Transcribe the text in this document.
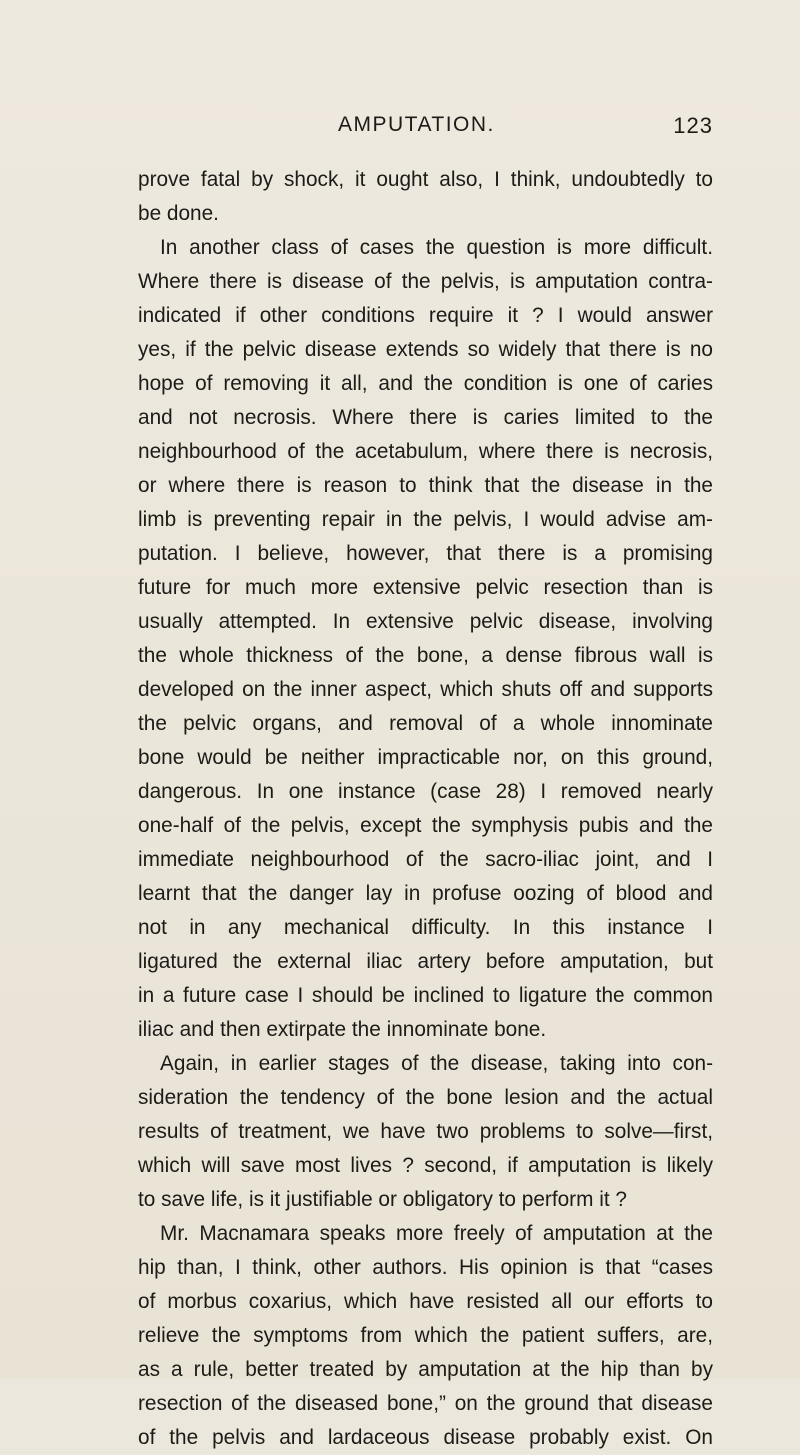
AMPUTATION.	123
prove fatal by shock, it ought also, I think, undoubtedly to
be done.
In another class of cases the question is more difficult.
Where there is disease of the pelvis, is amputation contra-
indicated if other conditions require it ? I would answer
yes, if the pelvic disease extends so widely that there is no
hope of removing it all, and the condition is one of caries
and not necrosis. Where there is caries limited to the
neighbourhood of the acetabulum, where there is necrosis,
or where there is reason to think that the disease in the
limb is preventing repair in the pelvis, I would advise am-
putation. I believe, however, that there is a promising
future for much more extensive pelvic resection than is
usually attempted. In extensive pelvic disease, involving
the whole thickness of the bone, a dense fibrous wall is
developed on the inner aspect, which shuts off and supports
the pelvic organs, and removal of a whole innominate
bone would be neither impracticable nor, on this ground,
dangerous. In one instance (case 28) I removed nearly
one-half of the pelvis, except the symphysis pubis and the
immediate neighbourhood of the sacro-iliac joint, and I
learnt that the danger lay in profuse oozing of blood and
not in any mechanical difficulty. In this instance I
ligatured the external iliac artery before amputation, but
in a future case I should be inclined to ligature the common
iliac and then extirpate the innominate bone.
Again, in earlier stages of the disease, taking into con-
sideration the tendency of the bone lesion and the actual
results of treatment, we have two problems to solve—first,
which will save most lives ? second, if amputation is likely
to save life, is it justifiable or obligatory to perform it ?
Mr. Macnamara speaks more freely of amputation at the
hip than, I think, other authors. His opinion is that “cases
of morbus coxarius, which have resisted all our efforts to
relieve the symptoms from which the patient suffers, are,
as a rule, better treated by amputation at the hip than by
resection of the diseased bone,” on the ground that disease
of the pelvis and lardaceous disease probably exist. On
